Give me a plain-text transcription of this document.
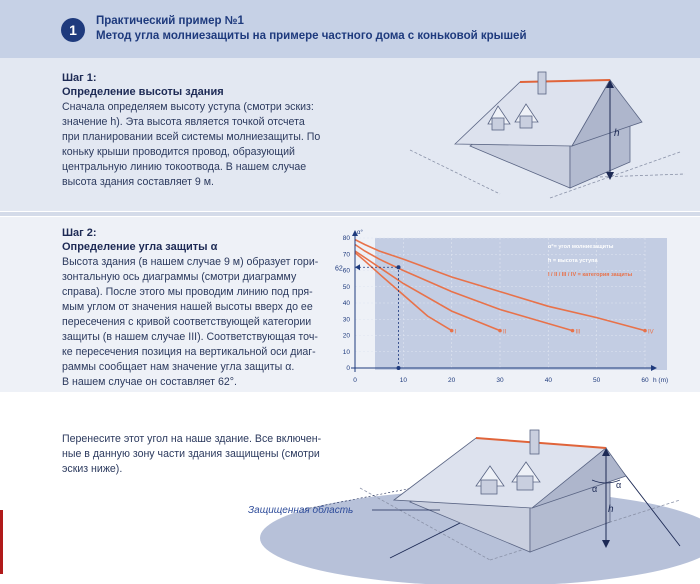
1
Практический пример №1
Метод угла молниезащиты на примере частного дома с коньковой крышей
Шаг 1:
Определение высоты здания
Сначала определяем высоту уступа (смотри эскиз:
значение h). Эта высота является точкой отсчета
при планировании всей системы молниезащиты. По
коньку крыши проводится провод, образующий
центральную линию токоотвода. В нашем случае
высота здания составляет 9 м.
h
Шаг 2:
Определение угла защиты α
Высота здания (в нашем случае 9 м) образует гори-
зонтальную ось диаграммы (смотри диаграмму
справа). После этого мы проводим линию под пря-
мым углом от значения нашей высоты вверх до ее
пересечения с кривой соответствующей категории
защиты (в нашем случае III). Соответствующая точ-
ке пересечения позиция на вертикальной оси диаг-
раммы сообщает нам значение угла защиты α.
В нашем случае он составляет 62°.
I	II	III	IV
62
α°
h (m)
0
10
20
30
40
50
60
70
80
0	10	20	30	40	50	60
α°= угол молниезащиты
h = высота уступа
I / II / III / IV = категория защиты
Перенесите этот угол на наше здание. Все включен-
ные в данную зону части здания защищены (смотри
эскиз ниже).
h
α α
Защищенная область
